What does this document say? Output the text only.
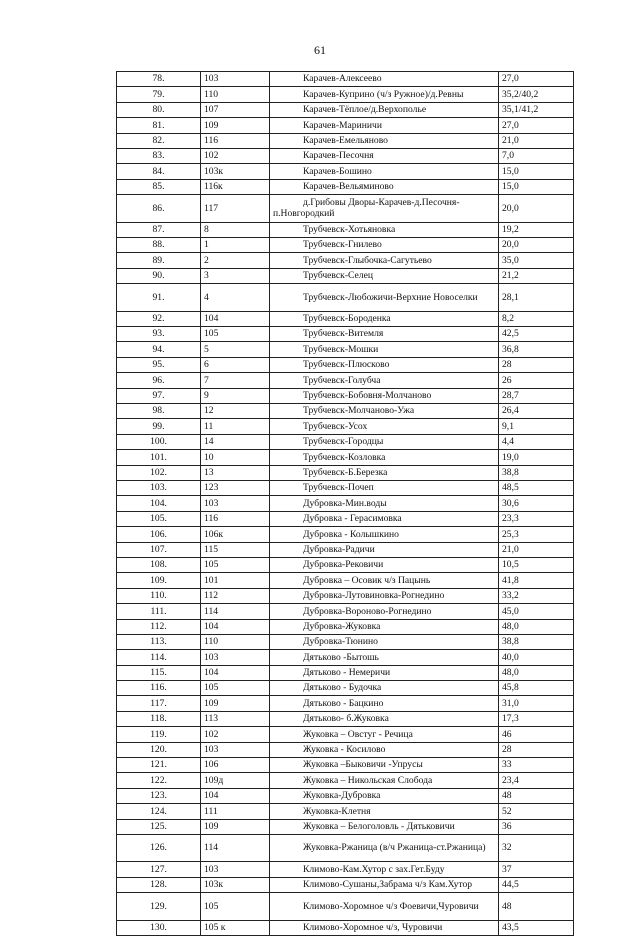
61
78.	103	Карачев-Алексеево	27,0
79.	110	Карачев-Куприно (ч/з Ружное)/д.Ревны	35,2/40,2
80.	107	Карачев-Тёплое/д.Верхополье	35,1/41,2
81.	109	Карачев-Мариничи	27,0
82.	116	Карачев-Емельяново	21,0
83.	102	Карачев-Песочня	7,0
84.	103к	Карачев-Бошино	15,0
85.	116к	Карачев-Вельяминово	15,0
86.	117	д.Грибовы Дворы-Карачев-д.Песочня-п.Новгородкий	20,0
87.	8	Трубчевск-Хотьяновка	19,2
88.	1	Трубчевск-Гнилево	20,0
89.	2	Трубчевск-Глыбочка-Сагутьево	35,0
90.	3	Трубчевск-Селец	21,2
91.	4	Трубчевск-Любожичи-Верхние Новоселки	28,1
92.	104	Трубчевск-Бороденка	8,2
93.	105	Трубчевск-Витемля	42,5
94.	5	Трубчевск-Мошки	36,8
95.	6	Трубчевск-Плюсково	28
96.	7	Трубчевск-Голубча	26
97.	9	Трубчевск-Бобовня-Молчаново	28,7
98.	12	Трубчевск-Молчаново-Ужа	26,4
99.	11	Трубчевск-Усох	9,1
100.	14	Трубчевск-Городцы	4,4
101.	10	Трубчевск-Козловка	19,0
102.	13	Трубчевск-Б.Березка	38,8
103.	123	Трубчевск-Почеп	48,5
104.	103	Дубровка-Мин.воды	30,6
105.	116	Дубровка - Герасимовка	23,3
106.	106к	Дубровка - Колышкино	25,3
107.	115	Дубровка-Радичи	21,0
108.	105	Дубровка-Рековичи	10,5
109.	101	Дубровка – Осовик ч/з Пацынь	41,8
110.	112	Дубровка-Лутовиновка-Рогнедино	33,2
111.	114	Дубровка-Вороново-Рогнедино	45,0
112.	104	Дубровка-Жуковка	48,0
113.	110	Дубровка-Тюнино	38,8
114.	103	Дятьково -Бытошь	40,0
115.	104	Дятьково - Немеричи	48,0
116.	105	Дятьково - Будочка	45,8
117.	109	Дятьково - Бацкино	31,0
118.	113	Дятьково- б.Жуковка	17,3
119.	102	Жуковка – Овстуг - Речица	46
120.	103	Жуковка - Косилово	28
121.	106	Жуковка –Быковичи -Упрусы	33
122.	109д	Жуковка – Никольская Слобода	23,4
123.	104	Жуковка-Дубровка	48
124.	111	Жуковка-Клетня	52
125.	109	Жуковка – Белоголовль - Дятьковичи	36
126.	114	Жуковка-Ржаница (в/ч Ржаница-ст.Ржаница)	32
127.	103	Климово-Кам.Хутор с зах.Гет.Буду	37
128.	103к	Климово-Сушаны,Забрама ч/з Кам.Хутор	44,5
129.	105	Климово-Хоромное ч/з Фоевичи,Чуровичи	48
130.	105 к	Климово-Хоромное ч/з, Чуровичи	43,5
